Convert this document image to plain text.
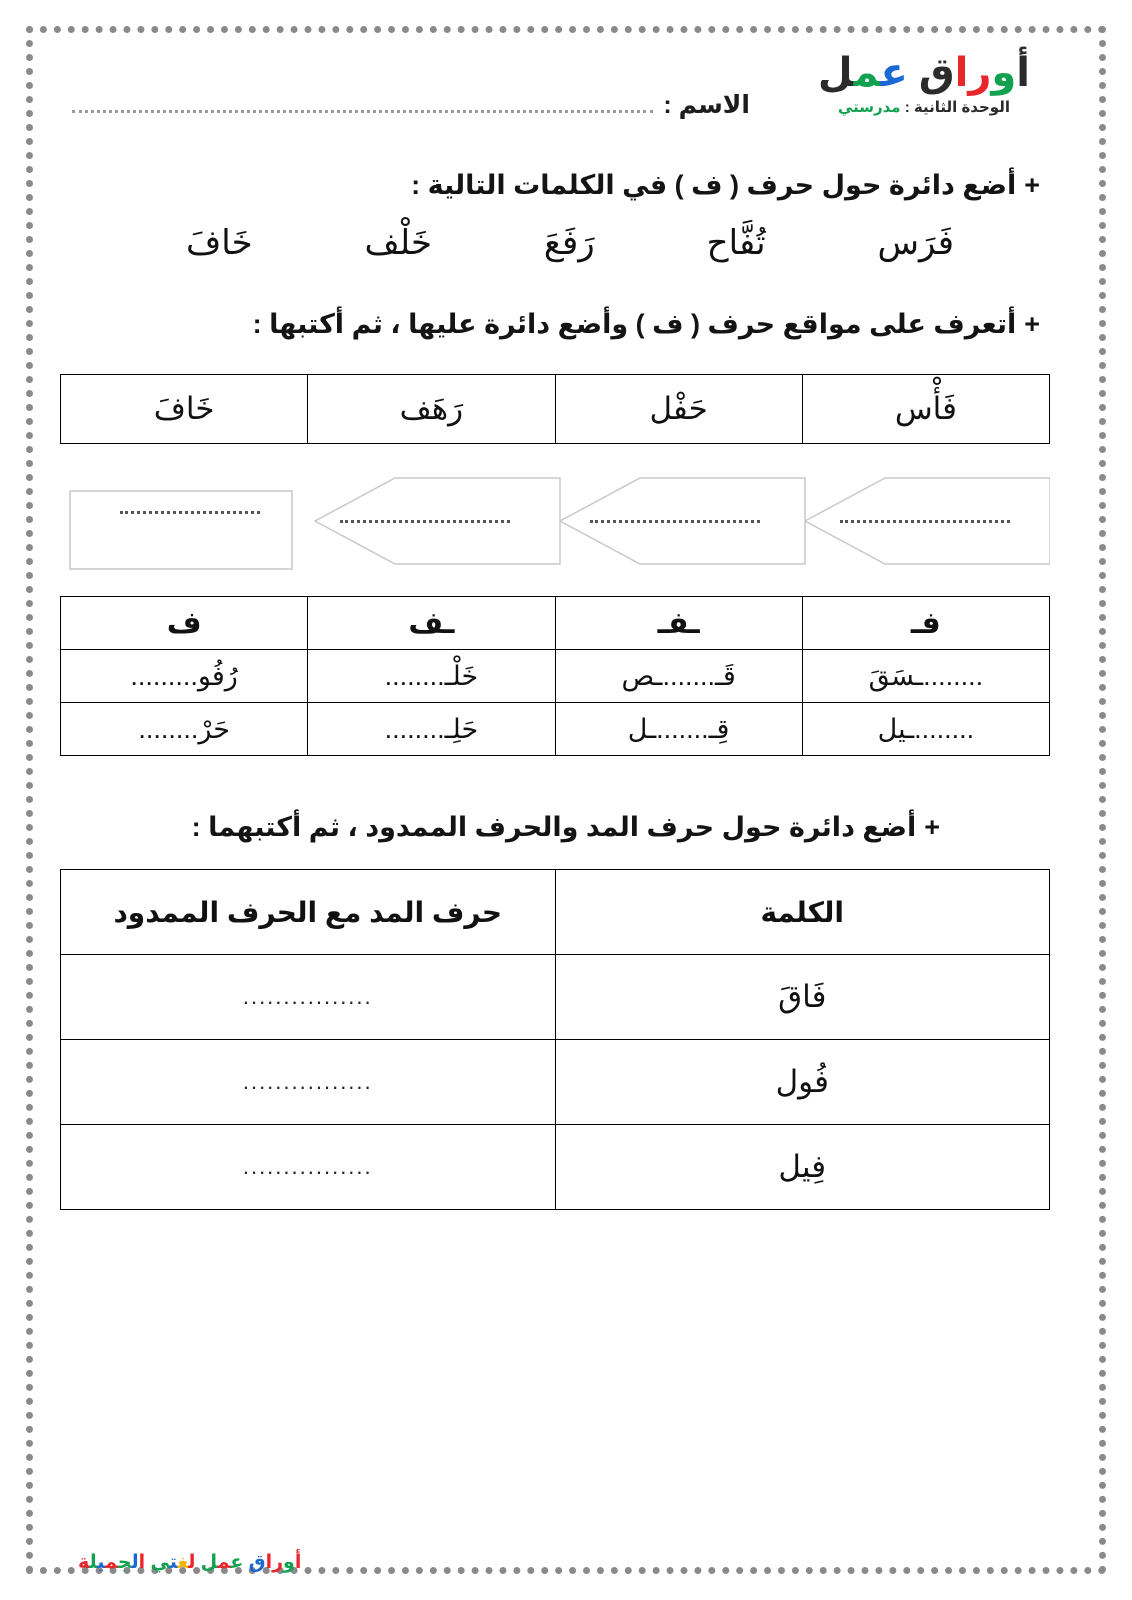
أوراق عمل
الوحدة الثانية : مدرستي
الاسم :
+
أضع دائرة حول حرف ( ف ) في الكلمات التالية :
فَرَس
تُفَّاح
رَفَعَ
خَلْف
خَافَ
+
أتعرف على مواقع حرف ( ف ) وأضع دائرة عليها ، ثم أكتبها :
فَأْس	حَفْل	رَهَف	خَافَ
فـ	ـفـ	ـف	ف
........ـسَقَ	قَـ.......ـص	خَلْـ........	رُفُو.........
........ـيل	قِـ.......ـل	حَلِـ........	حَرْ........
+
أضع دائرة حول حرف المد والحرف الممدود ، ثم أكتبهما :
الكلمة	حرف المد مع الحرف الممدود
فَاقَ	................
فُول	................
فِيل	................
أوراق عمل لغتي الجميلة
